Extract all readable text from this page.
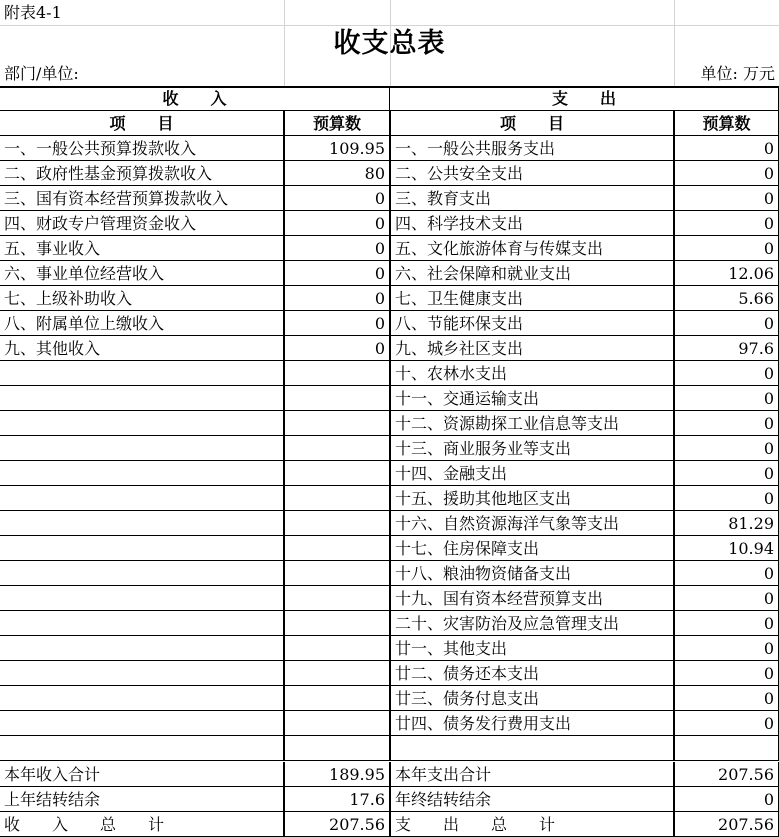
附表4-1
收支总表
部门/单位:	单位: 万元
收　　入	支　　出
项　　目	预算数	项　　目	预算数
一、一般公共预算拨款收入	109.95 一、一般公共服务支出	0
二、政府性基金预算拨款收入	80 二、公共安全支出	0
三、国有资本经营预算拨款收入	0 三、教育支出	0
四、财政专户管理资金收入	0 四、科学技术支出	0
五、事业收入	0 五、文化旅游体育与传媒支出	0
六、事业单位经营收入	0 六、社会保障和就业支出	12.06
七、上级补助收入	0 七、卫生健康支出	5.66
八、附属单位上缴收入	0 八、节能环保支出	0
九、其他收入	0 九、城乡社区支出	97.6
十、农林水支出	0
十一、交通运输支出	0
十二、资源勘探工业信息等支出	0
十三、商业服务业等支出	0
十四、金融支出	0
十五、援助其他地区支出	0
十六、自然资源海洋气象等支出	81.29
十七、住房保障支出	10.94
十八、粮油物资储备支出	0
十九、国有资本经营预算支出	0
二十、灾害防治及应急管理支出	0
廿一、其他支出	0
廿二、债务还本支出	0
廿三、债务付息支出	0
廿四、债务发行费用支出	0
本年收入合计	189.95 本年支出合计	207.56
上年结转结余	17.6 年终结转结余	0
收　　入　　总　　计	207.56 支　　出　　总　　计	207.56
